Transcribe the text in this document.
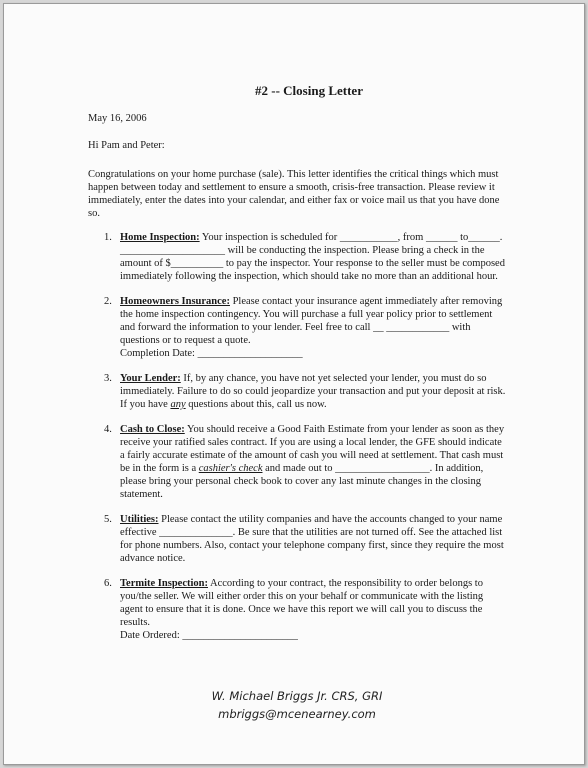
#2 -- Closing Letter
May 16, 2006
Hi Pam and Peter:
Congratulations on your home purchase (sale). This letter identifies the critical things which must happen between today and settlement to ensure a smooth, crisis-free transaction. Please review it immediately, enter the dates into your calendar, and either fax or voice mail us that you have done so.
1. Home Inspection: Your inspection is scheduled for ___________, from ______ to______. ____________________ will be conducting the inspection. Please bring a check in the amount of $__________ to pay the inspector. Your response to the seller must be composed immediately following the inspection, which should take no more than an additional hour.
2. Homeowners Insurance: Please contact your insurance agent immediately after removing the home inspection contingency. You will purchase a full year policy prior to settlement and forward the information to your lender. Feel free to call __ ____________ with questions or to request a quote.
Completion Date: ____________________
3. Your Lender: If, by any chance, you have not yet selected your lender, you must do so immediately. Failure to do so could jeopardize your transaction and put your deposit at risk. If you have any questions about this, call us now.
4. Cash to Close: You should receive a Good Faith Estimate from your lender as soon as they receive your ratified sales contract. If you are using a local lender, the GFE should indicate a fairly accurate estimate of the amount of cash you will need at settlement. That cash must be in the form is a cashier's check and made out to __________________. In addition, please bring your personal check book to cover any last minute changes in the closing statement.
5. Utilities: Please contact the utility companies and have the accounts changed to your name effective ______________. Be sure that the utilities are not turned off. See the attached list for phone numbers. Also, contact your telephone company first, since they require the most advance notice.
6. Termite Inspection: According to your contract, the responsibility to order belongs to you/the seller. We will either order this on your behalf or communicate with the listing agent to ensure that it is done. Once we have this report we will call you to discuss the results.
Date Ordered: ______________________
W. Michael Briggs Jr. CRS, GRI
mbriggs@mcenearney.com
